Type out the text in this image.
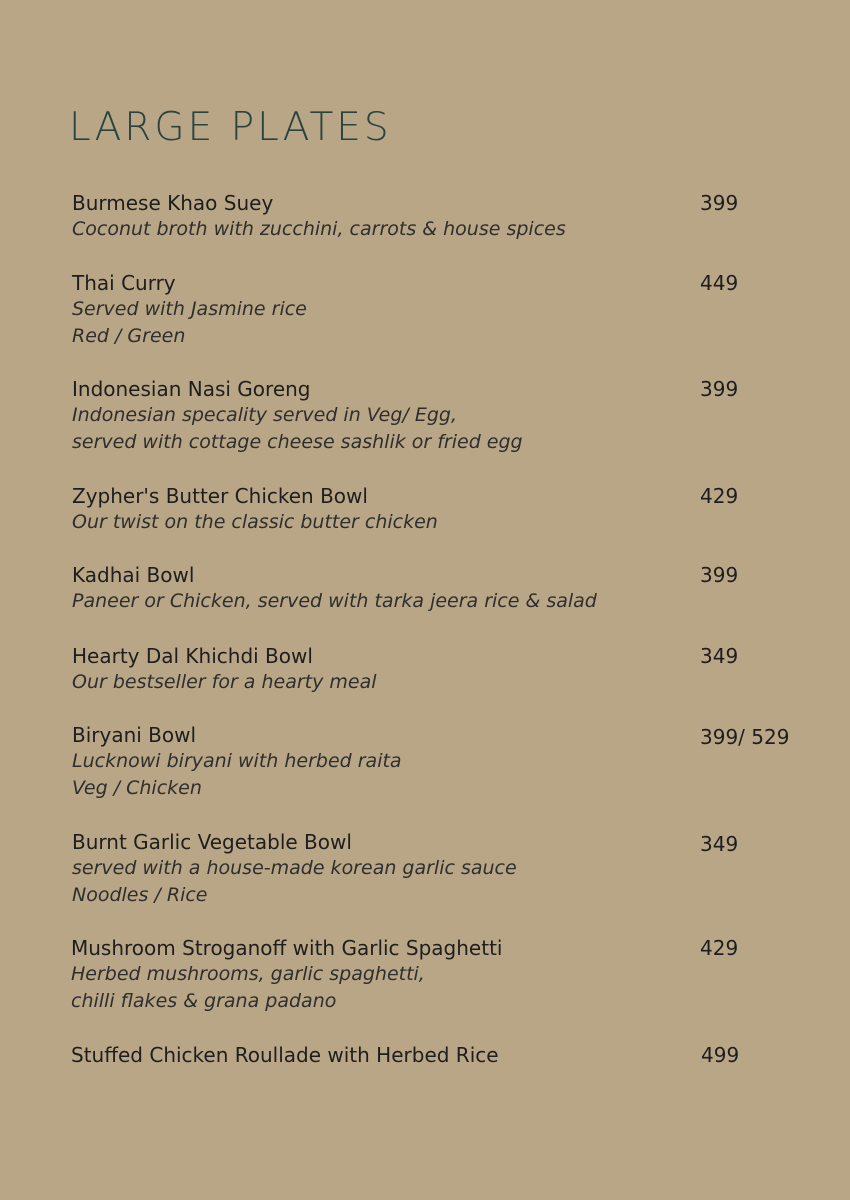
LARGE PLATES
Burmese Khao Suey
Coconut broth with zucchini, carrots & house spices
399
Thai Curry
Served with Jasmine rice
Red / Green
449
Indonesian Nasi Goreng
Indonesian specality served in Veg/ Egg,
served with cottage cheese sashlik or fried egg
399
Zypher's Butter Chicken Bowl
Our twist on the classic butter chicken
429
Kadhai Bowl
Paneer or Chicken, served with tarka jeera rice & salad
399
Hearty Dal Khichdi Bowl
Our bestseller for a hearty meal
349
Biryani Bowl
Lucknowi biryani with herbed raita
Veg / Chicken
399/ 529
Burnt Garlic Vegetable Bowl
served with a house-made korean garlic sauce
Noodles / Rice
349
Mushroom Stroganoff with Garlic Spaghetti
Herbed mushrooms, garlic spaghetti,
chilli flakes & grana padano
429
Stuffed Chicken Roullade with Herbed Rice	499
